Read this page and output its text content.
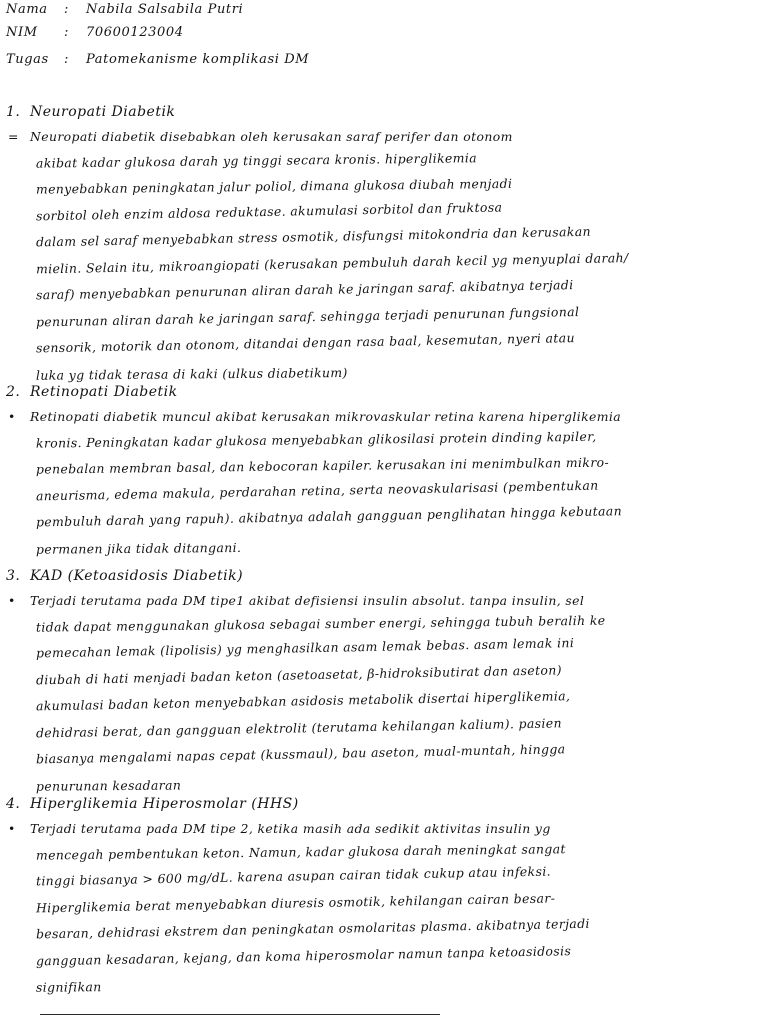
Nama : Nabila Salsabila Putri
NIM : 70600123004
Tugas : Patomekanisme komplikasi DM
1. Neuropati Diabetik
= Neuropati diabetik disebabkan oleh kerusakan saraf perifer dan otonom
akibat kadar glukosa darah yg tinggi secara kronis. hiperglikemia
menyebabkan peningkatan jalur poliol, dimana glukosa diubah menjadi
sorbitol oleh enzim aldosa reduktase. akumulasi sorbitol dan fruktosa
dalam sel saraf menyebabkan stress osmotik, disfungsi mitokondria dan kerusakan
mielin. Selain itu, mikroangiopati (kerusakan pembuluh darah kecil yg menyuplai darah/
saraf) menyebabkan penurunan aliran darah ke jaringan saraf. akibatnya terjadi
penurunan aliran darah ke jaringan saraf. sehingga terjadi penurunan fungsional
sensorik, motorik dan otonom, ditandai dengan rasa baal, kesemutan, nyeri atau
luka yg tidak terasa di kaki (ulkus diabetikum)
2. Retinopati Diabetik
• Retinopati diabetik muncul akibat kerusakan mikrovaskular retina karena hiperglikemia
kronis. Peningkatan kadar glukosa menyebabkan glikosilasi protein dinding kapiler,
penebalan membran basal, dan kebocoran kapiler. kerusakan ini menimbulkan mikro-
aneurisma, edema makula, perdarahan retina, serta neovaskularisasi (pembentukan
pembuluh darah yang rapuh). akibatnya adalah gangguan penglihatan hingga kebutaan
permanen jika tidak ditangani.
3. KAD (Ketoasidosis Diabetik)
• Terjadi terutama pada DM tipe1 akibat defisiensi insulin absolut. tanpa insulin, sel
tidak dapat menggunakan glukosa sebagai sumber energi, sehingga tubuh beralih ke
pemecahan lemak (lipolisis) yg menghasilkan asam lemak bebas. asam lemak ini
diubah di hati menjadi badan keton (asetoasetat, β-hidroksibutirat dan aseton)
akumulasi badan keton menyebabkan asidosis metabolik disertai hiperglikemia,
dehidrasi berat, dan gangguan elektrolit (terutama kehilangan kalium). pasien
biasanya mengalami napas cepat (kussmaul), bau aseton, mual-muntah, hingga
penurunan kesadaran
4. Hiperglikemia Hiperosmolar (HHS)
• Terjadi terutama pada DM tipe 2, ketika masih ada sedikit aktivitas insulin yg
mencegah pembentukan keton. Namun, kadar glukosa darah meningkat sangat
tinggi biasanya > 600 mg/dL. karena asupan cairan tidak cukup atau infeksi.
Hiperglikemia berat menyebabkan diuresis osmotik, kehilangan cairan besar-
besaran, dehidrasi ekstrem dan peningkatan osmolaritas plasma. akibatnya terjadi
gangguan kesadaran, kejang, dan koma hiperosmolar namun tanpa ketoasidosis
signifikan
